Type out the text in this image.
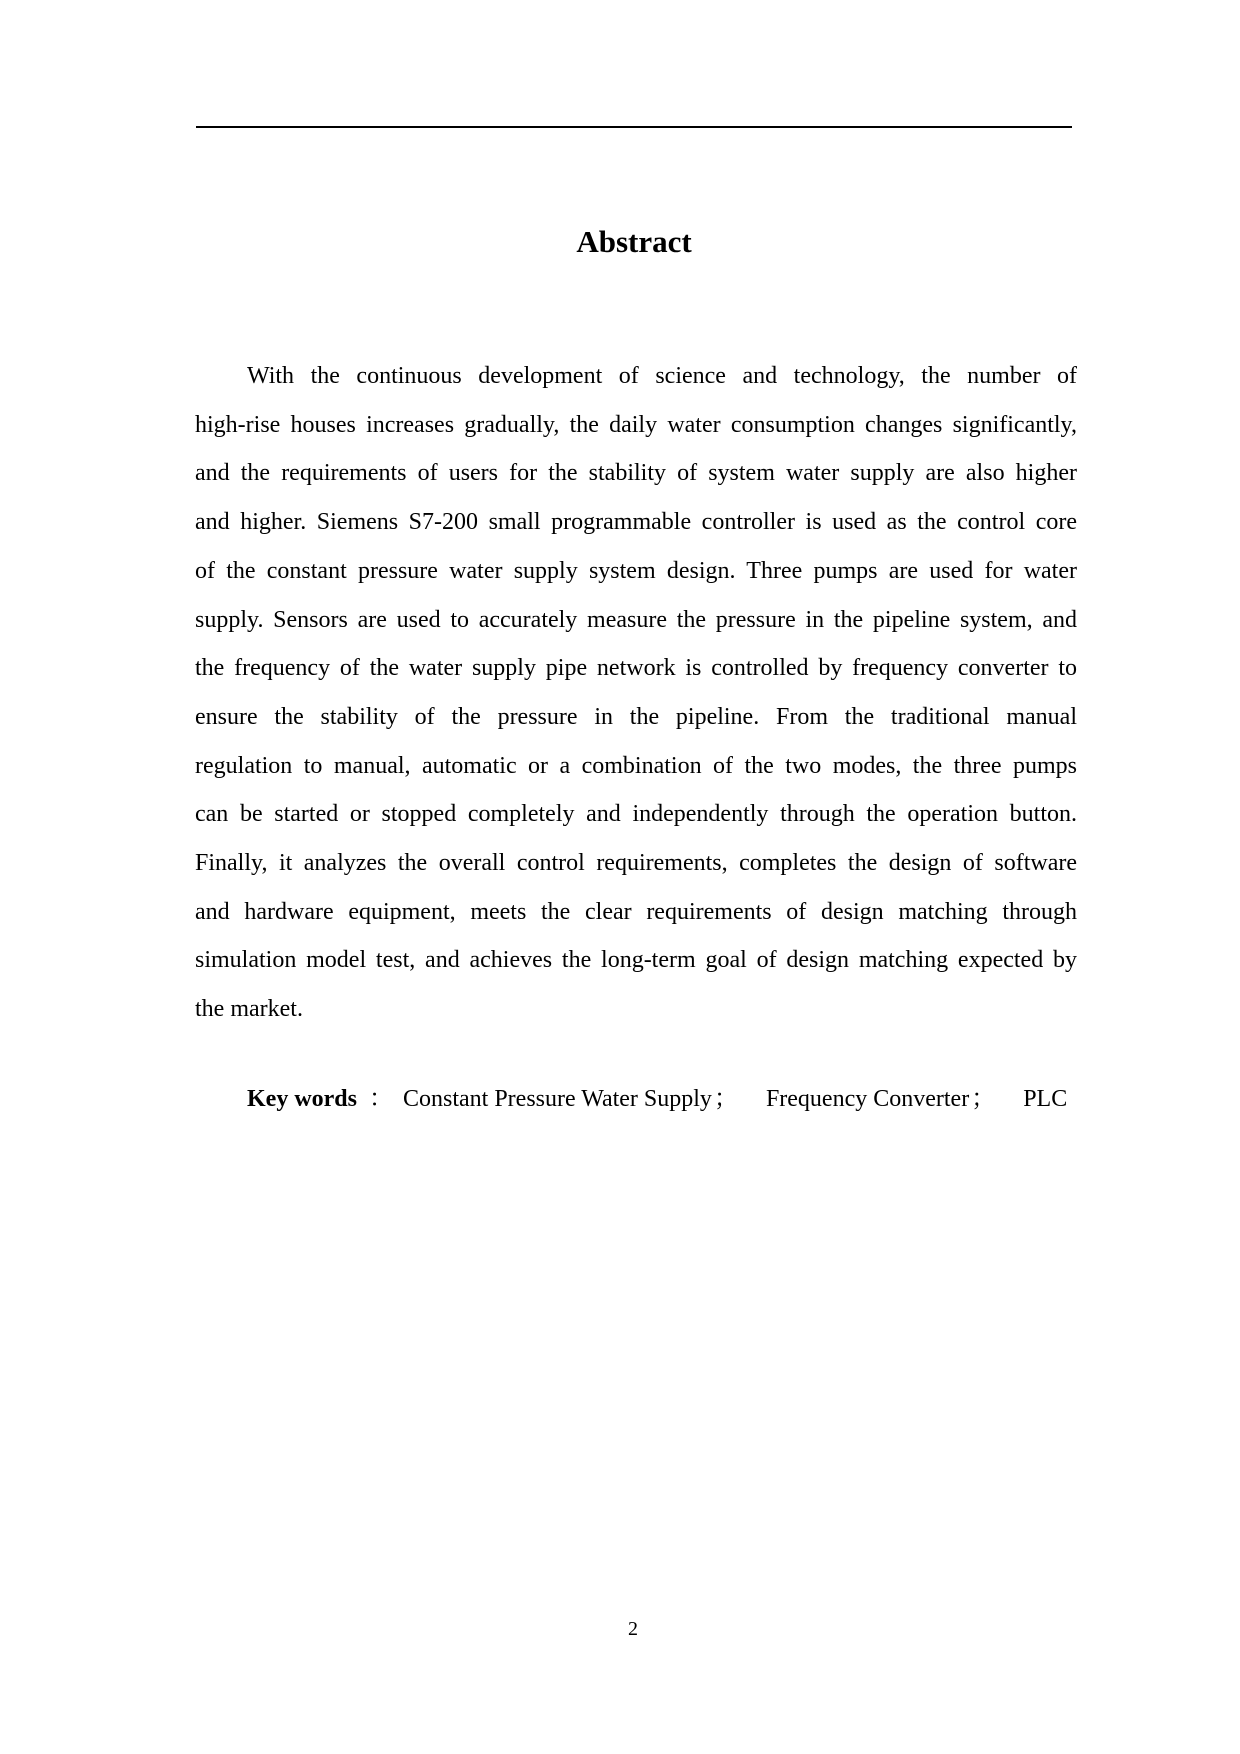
Abstract
With the continuous development of science and technology, the number of
high-rise houses increases gradually, the daily water consumption changes significantly,
and the requirements of users for the stability of system water supply are also higher
and higher. Siemens S7-200 small programmable controller is used as the control core
of the constant pressure water supply system design. Three pumps are used for water
supply. Sensors are used to accurately measure the pressure in the pipeline system, and
the frequency of the water supply pipe network is controlled by frequency converter to
ensure the stability of the pressure in the pipeline. From the traditional manual
regulation to manual, automatic or a combination of the two modes, the three pumps
can be started or stopped completely and independently through the operation button.
Finally, it analyzes the overall control requirements, completes the design of software
and hardware equipment, meets the clear requirements of design matching through
simulation model test, and achieves the long-term goal of design matching expected by
the market.
Key words ： Constant Pressure Water Supply； Frequency Converter； PLC
2
